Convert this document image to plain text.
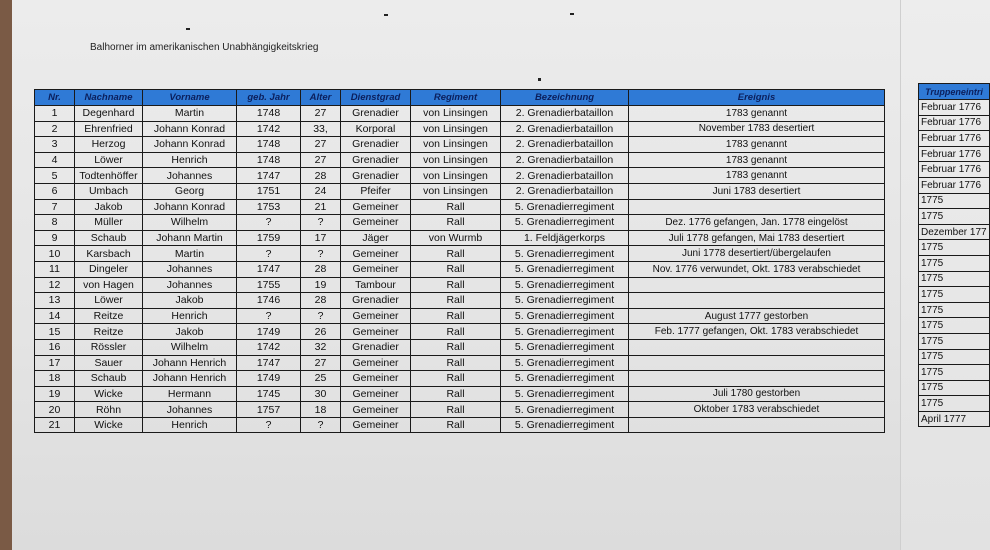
Balhorner im amerikanischen Unabhängigkeitskrieg
Nr.	Nachname	Vorname	geb. Jahr	Alter	Dienstgrad	Regiment	Bezeichnung	Ereignis
1	Degenhard	Martin	1748	27	Grenadier	von Linsingen	2. Grenadierbataillon	1783 genannt
2	Ehrenfried	Johann Konrad	1742	33,	Korporal	von Linsingen	2. Grenadierbataillon	November 1783 desertiert
3	Herzog	Johann Konrad	1748	27	Grenadier	von Linsingen	2. Grenadierbataillon	1783 genannt
4	Löwer	Henrich	1748	27	Grenadier	von Linsingen	2. Grenadierbataillon	1783 genannt
5	Todtenhöffer	Johannes	1747	28	Grenadier	von Linsingen	2. Grenadierbataillon	1783 genannt
6	Umbach	Georg	1751	24	Pfeifer	von Linsingen	2. Grenadierbataillon	Juni 1783 desertiert
7	Jakob	Johann Konrad	1753	21	Gemeiner	Rall	5. Grenadierregiment	
8	Müller	Wilhelm	?	?	Gemeiner	Rall	5. Grenadierregiment	Dez. 1776 gefangen, Jan. 1778 eingelöst
9	Schaub	Johann Martin	1759	17	Jäger	von Wurmb	1. Feldjägerkorps	Juli 1778 gefangen, Mai 1783 desertiert
10	Karsbach	Martin	?	?	Gemeiner	Rall	5. Grenadierregiment	Juni 1778 desertiert/übergelaufen
11	Dingeler	Johannes	1747	28	Gemeiner	Rall	5. Grenadierregiment	Nov. 1776 verwundet, Okt. 1783 verabschiedet
12	von Hagen	Johannes	1755	19	Tambour	Rall	5. Grenadierregiment	
13	Löwer	Jakob	1746	28	Grenadier	Rall	5. Grenadierregiment	
14	Reitze	Henrich	?	?	Gemeiner	Rall	5. Grenadierregiment	August 1777 gestorben
15	Reitze	Jakob	1749	26	Gemeiner	Rall	5. Grenadierregiment	Feb. 1777 gefangen, Okt. 1783 verabschiedet
16	Rössler	Wilhelm	1742	32	Grenadier	Rall	5. Grenadierregiment	
17	Sauer	Johann Henrich	1747	27	Gemeiner	Rall	5. Grenadierregiment	
18	Schaub	Johann Henrich	1749	25	Gemeiner	Rall	5. Grenadierregiment	
19	Wicke	Hermann	1745	30	Gemeiner	Rall	5. Grenadierregiment	Juli 1780 gestorben
20	Röhn	Johannes	1757	18	Gemeiner	Rall	5. Grenadierregiment	Oktober 1783 verabschiedet
21	Wicke	Henrich	?	?	Gemeiner	Rall	5. Grenadierregiment	
Truppeneintri
Februar 1776
Februar 1776
Februar 1776
Februar 1776
Februar 1776
Februar 1776
1775
1775
Dezember 177
1775
1775
1775
1775
1775
1775
1775
1775
1775
1775
1775
April 1777
